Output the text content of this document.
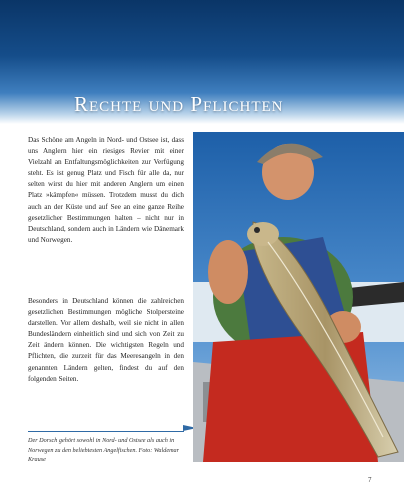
Rechte und Pflichten

Das Schöne am Angeln in Nord- und Ostsee ist, dass uns Anglern hier ein riesiges Revier mit einer Vielzahl an Entfaltungsmöglichkeiten zur Verfügung steht. Es ist genug Platz und Fisch für alle da, nur selten wirst du hier mit anderen Anglern um einen Platz »kämpfen« müssen. Trotzdem musst du dich auch an der Küste und auf See an eine ganze Reihe gesetzlicher Bestimmungen halten – nicht nur in Deutschland, sondern auch in Ländern wie Dänemark und Norwegen.

Besonders in Deutschland können die zahlreichen gesetzlichen Bestimmungen mögliche Stolpersteine darstellen. Vor allem deshalb, weil sie nicht in allen Bundesländern einheitlich sind und sich von Zeit zu Zeit ändern können. Die wichtigsten Regeln und Pflichten, die zurzeit für das Meeresangeln in den genannten Ländern gelten, findest du auf den folgenden Seiten.

Der Dorsch gehört sowohl in Nord- und Ostsee als auch in Norwegen zu den beliebtesten Angelfischen. Foto: Waldemar Krause

7
